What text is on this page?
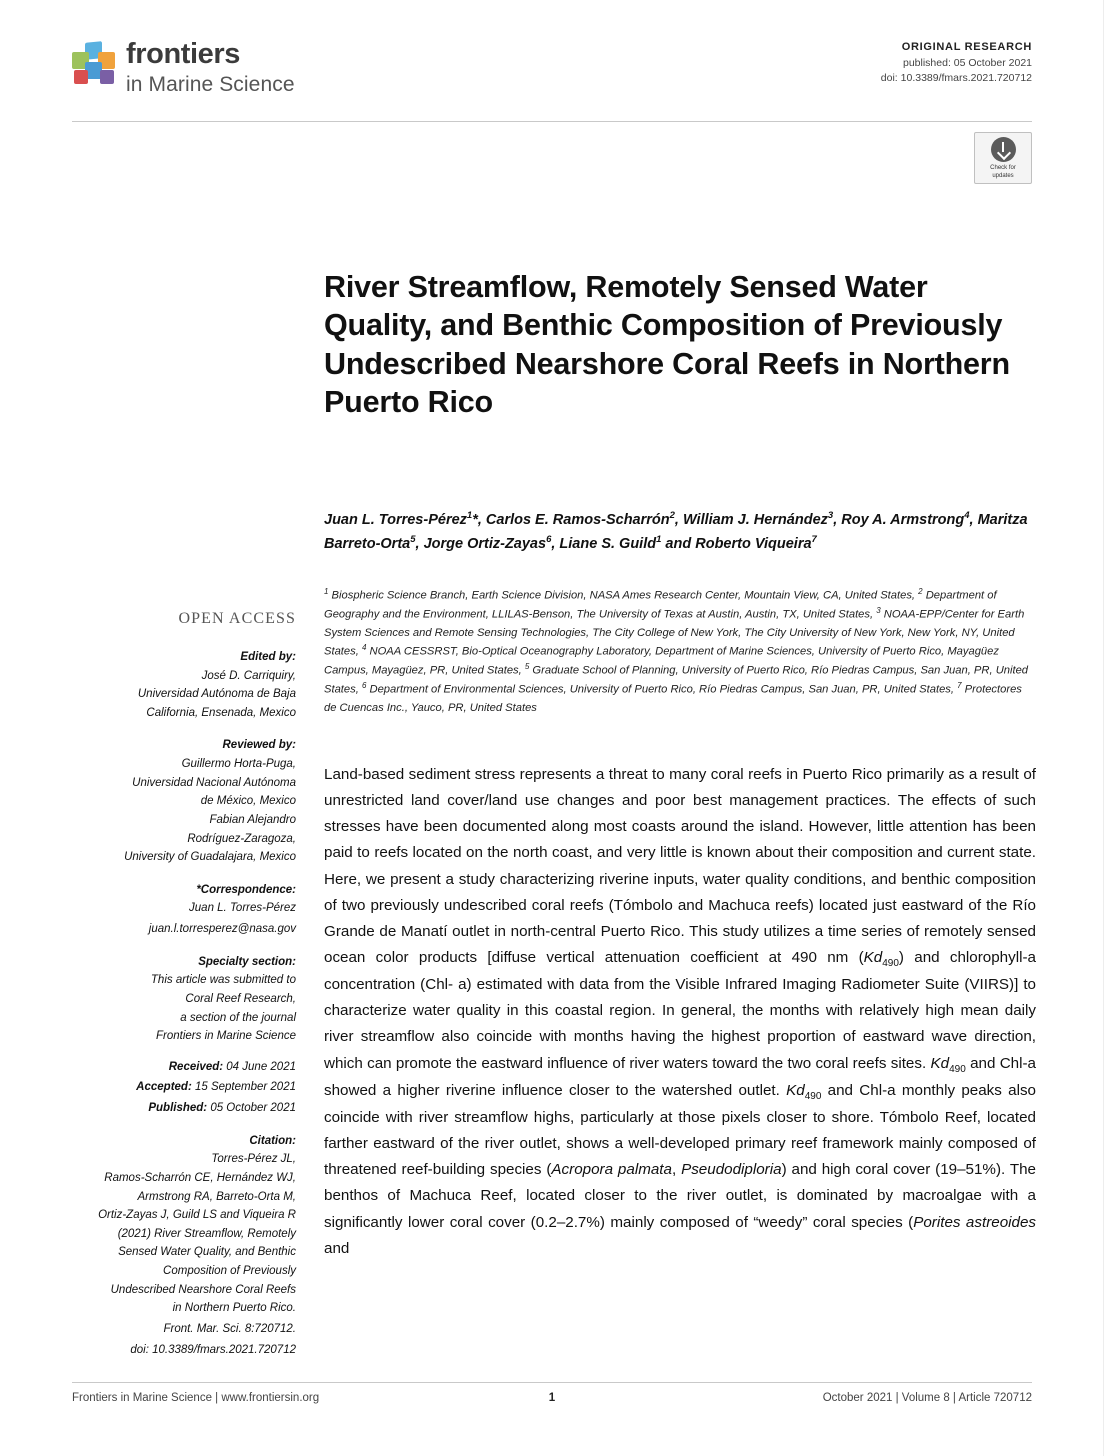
frontiers
in Marine Science
ORIGINAL RESEARCH
published: 05 October 2021
doi: 10.3389/fmars.2021.720712
Check for
updates
River Streamflow, Remotely Sensed Water Quality, and Benthic Composition of Previously Undescribed Nearshore Coral Reefs in Northern Puerto Rico
Juan L. Torres-Pérez$^1$*, Carlos E. Ramos-Scharrón$^2$, William J. Hernández$^3$, Roy A. Armstrong$^4$, Maritza Barreto-Orta$^5$, Jorge Ortiz-Zayas$^6$, Liane S. Guild$^1$ and Roberto Viqueira$^7$
$^1$ Biospheric Science Branch, Earth Science Division, NASA Ames Research Center, Mountain View, CA, United States, $^2$ Department of Geography and the Environment, LLILAS-Benson, The University of Texas at Austin, Austin, TX, United States, $^3$ NOAA-EPP/Center for Earth System Sciences and Remote Sensing Technologies, The City College of New York, The City University of New York, New York, NY, United States, $^4$ NOAA CESSRST, Bio-Optical Oceanography Laboratory, Department of Marine Sciences, University of Puerto Rico, Mayagüez Campus, Mayagüez, PR, United States, $^5$ Graduate School of Planning, University of Puerto Rico, Río Piedras Campus, San Juan, PR, United States, $^6$ Department of Environmental Sciences, University of Puerto Rico, Río Piedras Campus, San Juan, PR, United States, $^7$ Protectores de Cuencas Inc., Yauco, PR, United States
Land-based sediment stress represents a threat to many coral reefs in Puerto Rico primarily as a result of unrestricted land cover/land use changes and poor best management practices. The effects of such stresses have been documented along most coasts around the island. However, little attention has been paid to reefs located on the north coast, and very little is known about their composition and current state. Here, we present a study characterizing riverine inputs, water quality conditions, and benthic composition of two previously undescribed coral reefs (Tómbolo and Machuca reefs) located just eastward of the Río Grande de Manatí outlet in north-central Puerto Rico. This study utilizes a time series of remotely sensed ocean color products [diffuse vertical attenuation coefficient at 490 nm $(Kd_{490})$ and chlorophyll-a concentration (Chl- a) estimated with data from the Visible Infrared Imaging Radiometer Suite (VIIRS)] to characterize water quality in this coastal region. In general, the months with relatively high mean daily river streamflow also coincide with months having the highest proportion of eastward wave direction, which can promote the eastward influence of river waters toward the two coral reefs sites. $Kd_{490}$ and Chl-a showed a higher riverine influence closer to the watershed outlet. $Kd_{490}$ and Chl-a monthly peaks also coincide with river streamflow highs, particularly at those pixels closer to shore. Tómbolo Reef, located farther eastward of the river outlet, shows a well-developed primary reef framework mainly composed of threatened reef-building species (Acropora palmata, Pseudodiploria) and high coral cover (19–51%). The benthos of Machuca Reef, located closer to the river outlet, is dominated by macroalgae with a significantly lower coral cover (0.2–2.7%) mainly composed of “weedy” coral species (Porites astreoides and
OPEN ACCESS
Edited by:
José D. Carriquiry,
Universidad Autónoma de Baja
California, Ensenada, Mexico
Reviewed by:
Guillermo Horta-Puga,
Universidad Nacional Autónoma
de México, Mexico
Fabian Alejandro
Rodríguez-Zaragoza,
University of Guadalajara, Mexico
*Correspondence:
Juan L. Torres-Pérez
juan.l.torresperez@nasa.gov
Specialty section:
This article was submitted to
Coral Reef Research,
a section of the journal
Frontiers in Marine Science
Received: 04 June 2021
Accepted: 15 September 2021
Published: 05 October 2021
Citation:
Torres-Pérez JL,
Ramos-Scharrón CE, Hernández WJ,
Armstrong RA, Barreto-Orta M,
Ortiz-Zayas J, Guild LS and Viqueira R
(2021) River Streamflow, Remotely
Sensed Water Quality, and Benthic
Composition of Previously
Undescribed Nearshore Coral Reefs
in Northern Puerto Rico.
Front. Mar. Sci. 8:720712.
doi: 10.3389/fmars.2021.720712
Frontiers in Marine Science | www.frontiersin.org	1	October 2021 | Volume 8 | Article 720712
